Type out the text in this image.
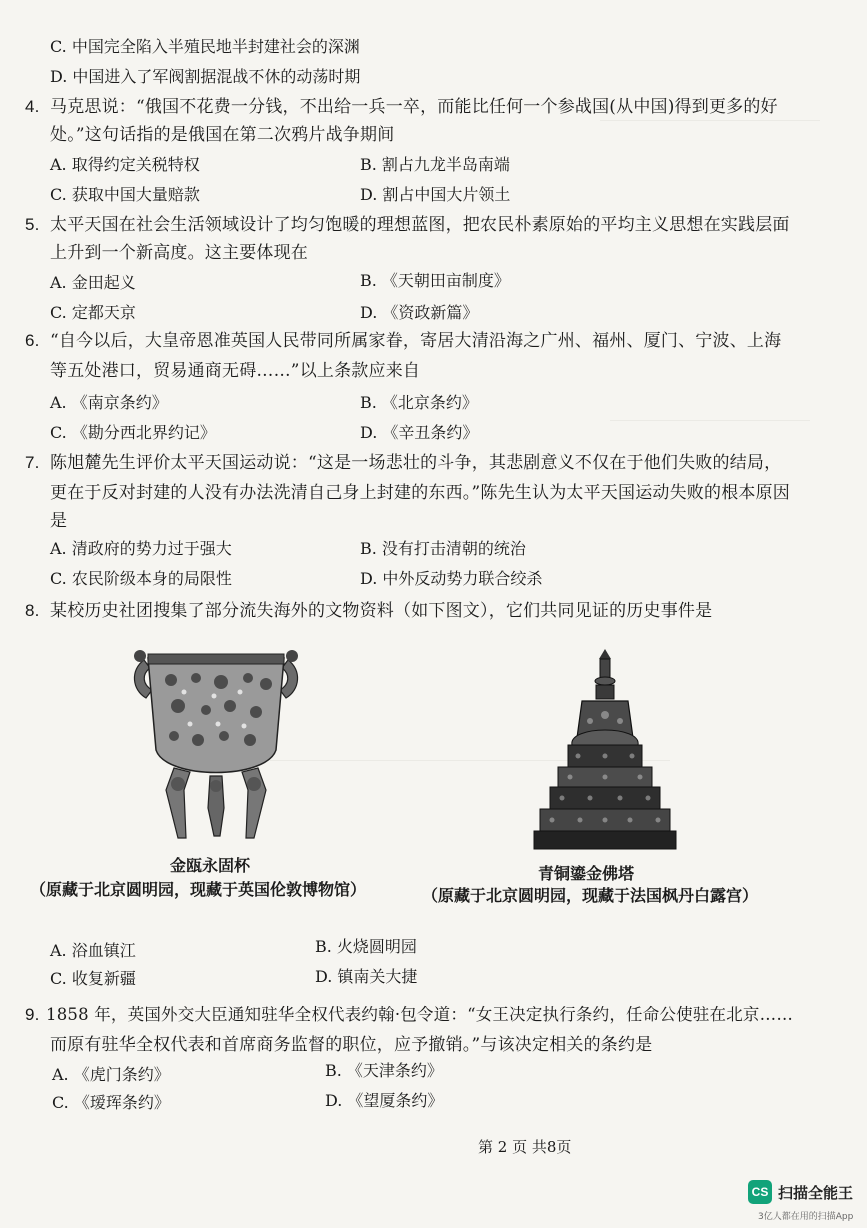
C. 中国完全陷入半殖民地半封建社会的深渊
D. 中国进入了军阀割据混战不休的动荡时期
4. 马克思说：“俄国不花费一分钱，不出给一兵一卒，而能比任何一个参战国(从中国)得到更多的好
处。”这句话指的是俄国在第二次鸦片战争期间
A. 取得约定关税特权	B. 割占九龙半岛南端
C. 获取中国大量赔款	D. 割占中国大片领土
5. 太平天国在社会生活领域设计了均匀饱暖的理想蓝图，把农民朴素原始的平均主义思想在实践层面
上升到一个新高度。这主要体现在
A. 金田起义	B. 《天朝田亩制度》
C. 定都天京	D. 《资政新篇》
6. “自今以后，大皇帝恩准英国人民带同所属家眷，寄居大清沿海之广州、福州、厦门、宁波、上海
等五处港口，贸易通商无碍……”以上条款应来自
A. 《南京条约》	B. 《北京条约》
C. 《勘分西北界约记》	D. 《辛丑条约》
7. 陈旭麓先生评价太平天国运动说：“这是一场悲壮的斗争，其悲剧意义不仅在于他们失败的结局，
更在于反对封建的人没有办法洗清自己身上封建的东西。”陈先生认为太平天国运动失败的根本原因
是
A. 清政府的势力过于强大	B. 没有打击清朝的统治
C. 农民阶级本身的局限性	D. 中外反动势力联合绞杀
8. 某校历史社团搜集了部分流失海外的文物资料（如下图文），它们共同见证的历史事件是
金瓯永固杯
（原藏于北京圆明园，现藏于英国伦敦博物馆）
青铜鎏金佛塔
（原藏于北京圆明园，现藏于法国枫丹白露宫）
A. 浴血镇江	B. 火烧圆明园
C. 收复新疆	D. 镇南关大捷
9. 1858 年，英国外交大臣通知驻华全权代表约翰·包令道：“女王决定执行条约，任命公使驻在北京……
而原有驻华全权代表和首席商务监督的职位，应予撤销。”与该决定相关的条约是
A. 《虎门条约》	B. 《天津条约》
C. 《瑷珲条约》	D. 《望厦条约》
第 2 页 共8页
CS 扫描全能王
3亿人都在用的扫描App
